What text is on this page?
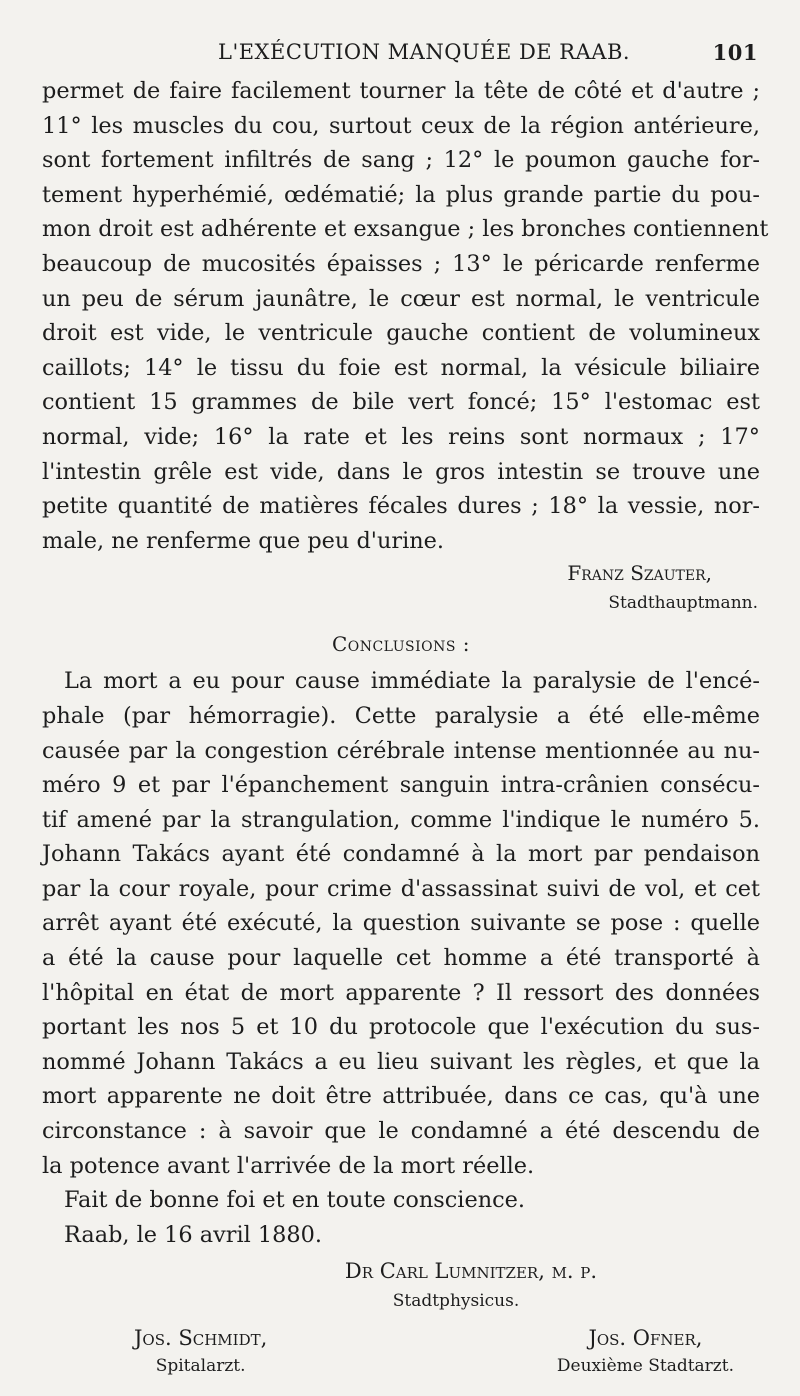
L'EXÉCUTION MANQUÉE DE RAAB.	101
permet de faire facilement tourner la tête de côté et d'autre ;
11° les muscles du cou, surtout ceux de la région antérieure,
sont fortement infiltrés de sang ; 12° le poumon gauche for-
tement hyperhémié, œdématié; la plus grande partie du pou-
mon droit est adhérente et exsangue ; les bronches contiennent
beaucoup de mucosités épaisses ; 13° le péricarde renferme
un peu de sérum jaunâtre, le cœur est normal, le ventricule
droit est vide, le ventricule gauche contient de volumineux
caillots; 14° le tissu du foie est normal, la vésicule biliaire
contient 15 grammes de bile vert foncé; 15° l'estomac est
normal, vide; 16° la rate et les reins sont normaux ; 17°
l'intestin grêle est vide, dans le gros intestin se trouve une
petite quantité de matières fécales dures ; 18° la vessie, nor-
male, ne renferme que peu d'urine.
Franz Szauter,
Stadthauptmann.
Conclusions :
La mort a eu pour cause immédiate la paralysie de l'encé-
phale (par hémorragie). Cette paralysie a été elle-même
causée par la congestion cérébrale intense mentionnée au nu-
méro 9 et par l'épanchement sanguin intra-crânien consécu-
tif amené par la strangulation, comme l'indique le numéro 5.
Johann Takács ayant été condamné à la mort par pendaison
par la cour royale, pour crime d'assassinat suivi de vol, et cet
arrêt ayant été exécuté, la question suivante se pose : quelle
a été la cause pour laquelle cet homme a été transporté à
l'hôpital en état de mort apparente ? Il ressort des données
portant les nos 5 et 10 du protocole que l'exécution du sus-
nommé Johann Takács a eu lieu suivant les règles, et que la
mort apparente ne doit être attribuée, dans ce cas, qu'à une
circonstance : à savoir que le condamné a été descendu de
la potence avant l'arrivée de la mort réelle.
Fait de bonne foi et en toute conscience.
Raab, le 16 avril 1880.
Dr Carl Lumnitzer, m. p.
Stadtphysicus.
Jos. Schmidt,
Spitalarzt.
Jos. Ofner,
Deuxième Stadtarzt.
